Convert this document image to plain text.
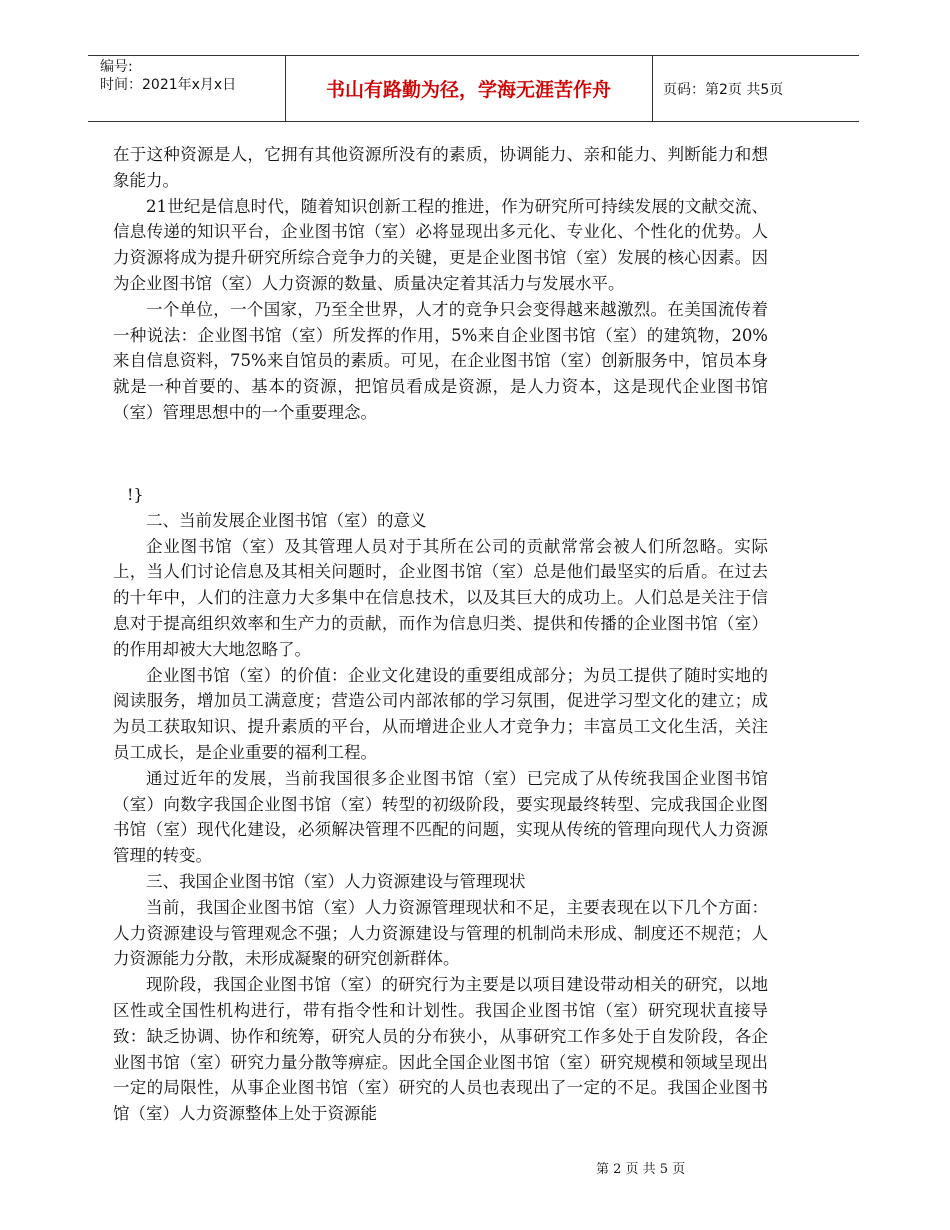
编号:
时间：2021年x月x日	书山有路勤为径，学海无涯苦作舟	页码：第2页 共5页

在于这种资源是人，它拥有其他资源所没有的素质，协调能力、亲和能力、判断能力和想象能力。

21世纪是信息时代，随着知识创新工程的推进，作为研究所可持续发展的文献交流、信息传递的知识平台，企业图书馆（室）必将显现出多元化、专业化、个性化的优势。人力资源将成为提升研究所综合竞争力的关键，更是企业图书馆（室）发展的核心因素。因为企业图书馆（室）人力资源的数量、质量决定着其活力与发展水平。

一个单位，一个国家，乃至全世界，人才的竞争只会变得越来越激烈。在美国流传着一种说法：企业图书馆（室）所发挥的作用，5%来自企业图书馆（室）的建筑物，20%来自信息资料，75%来自馆员的素质。可见，在企业图书馆（室）创新服务中，馆员本身就是一种首要的、基本的资源，把馆员看成是资源，是人力资本，这是现代企业图书馆（室）管理思想中的一个重要理念。

!}

二、当前发展企业图书馆（室）的意义

企业图书馆（室）及其管理人员对于其所在公司的贡献常常会被人们所忽略。实际上，当人们讨论信息及其相关问题时，企业图书馆（室）总是他们最坚实的后盾。在过去的十年中，人们的注意力大多集中在信息技术，以及其巨大的成功上。人们总是关注于信息对于提高组织效率和生产力的贡献，而作为信息归类、提供和传播的企业图书馆（室）的作用却被大大地忽略了。

企业图书馆（室）的价值：企业文化建设的重要组成部分；为员工提供了随时实地的阅读服务，增加员工满意度；营造公司内部浓郁的学习氛围，促进学习型文化的建立；成为员工获取知识、提升素质的平台，从而增进企业人才竞争力；丰富员工文化生活，关注员工成长，是企业重要的福利工程。

通过近年的发展，当前我国很多企业图书馆（室）已完成了从传统我国企业图书馆（室）向数字我国企业图书馆（室）转型的初级阶段，要实现最终转型、完成我国企业图书馆（室）现代化建设，必须解决管理不匹配的问题，实现从传统的管理向现代人力资源管理的转变。

三、我国企业图书馆（室）人力资源建设与管理现状

当前，我国企业图书馆（室）人力资源管理现状和不足，主要表现在以下几个方面：人力资源建设与管理观念不强；人力资源建设与管理的机制尚未形成、制度还不规范；人力资源能力分散，未形成凝聚的研究创新群体。

现阶段，我国企业图书馆（室）的研究行为主要是以项目建设带动相关的研究，以地区性或全国性机构进行，带有指令性和计划性。我国企业图书馆（室）研究现状直接导致：缺乏协调、协作和统筹，研究人员的分布狭小，从事研究工作多处于自发阶段，各企业图书馆（室）研究力量分散等痹症。因此全国企业图书馆（室）研究规模和领域呈现出一定的局限性，从事企业图书馆（室）研究的人员也表现出了一定的不足。我国企业图书馆（室）人力资源整体上处于资源能

第 2 页 共 5 页
